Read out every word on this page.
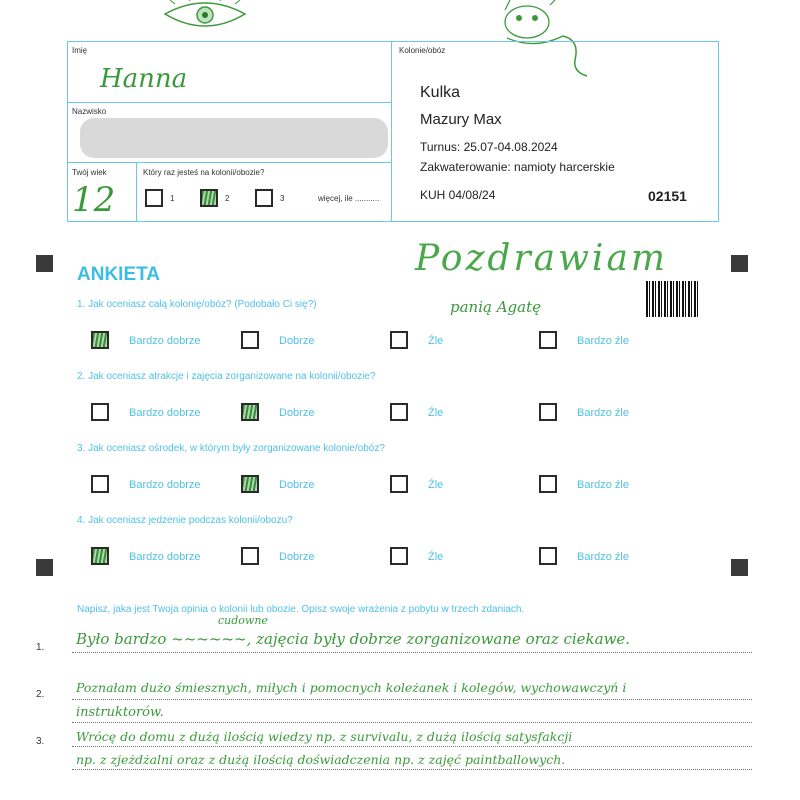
Imię
Hanna
Nazwisko
Twój wiek
12
Który raz jesteś na kolonii/obozie?
1	2	3	więcej, ile ...........
Kolonie/obóz
Kulka
Mazury Max
Turnus: 25.07-04.08.2024
Zakwaterowanie: namioty harcerskie
KUH 04/08/24	02151
Pozdrawiam
panią Agatę
ANKIETA
1. Jak oceniasz całą kolonię/obóz? (Podobało Ci się?)
Bardzo dobrze	Dobrze	Źle	Bardzo źle
2. Jak oceniasz atrakcje i zajęcia zorganizowane na kolonii/obozie?
Bardzo dobrze	Dobrze	Źle	Bardzo źle
3. Jak oceniasz ośrodek, w którym były zorganizowane kolonie/obóz?
Bardzo dobrze	Dobrze	Źle	Bardzo źle
4. Jak oceniasz jedzenie podczas kolonii/obozu?
Bardzo dobrze	Dobrze	Źle	Bardzo źle
Napisz, jaka jest Twoja opinia o kolonii lub obozie. Opisz swoje wrażenia z pobytu w trzech zdaniach.
1.
2.
3.
cudowne
Było bardzo ~~~~~~, zajęcia były dobrze zorganizowane oraz ciekawe.
Poznałam dużo śmiesznych, miłych i pomocnych koleżanek i kolegów, wychowawczyń i
instruktorów.
Wrócę do domu z dużą ilością wiedzy np. z survivalu, z dużą ilością satysfakcji
np. z zjeżdżalni oraz z dużą ilością doświadczenia np. z zajęć paintballowych.
